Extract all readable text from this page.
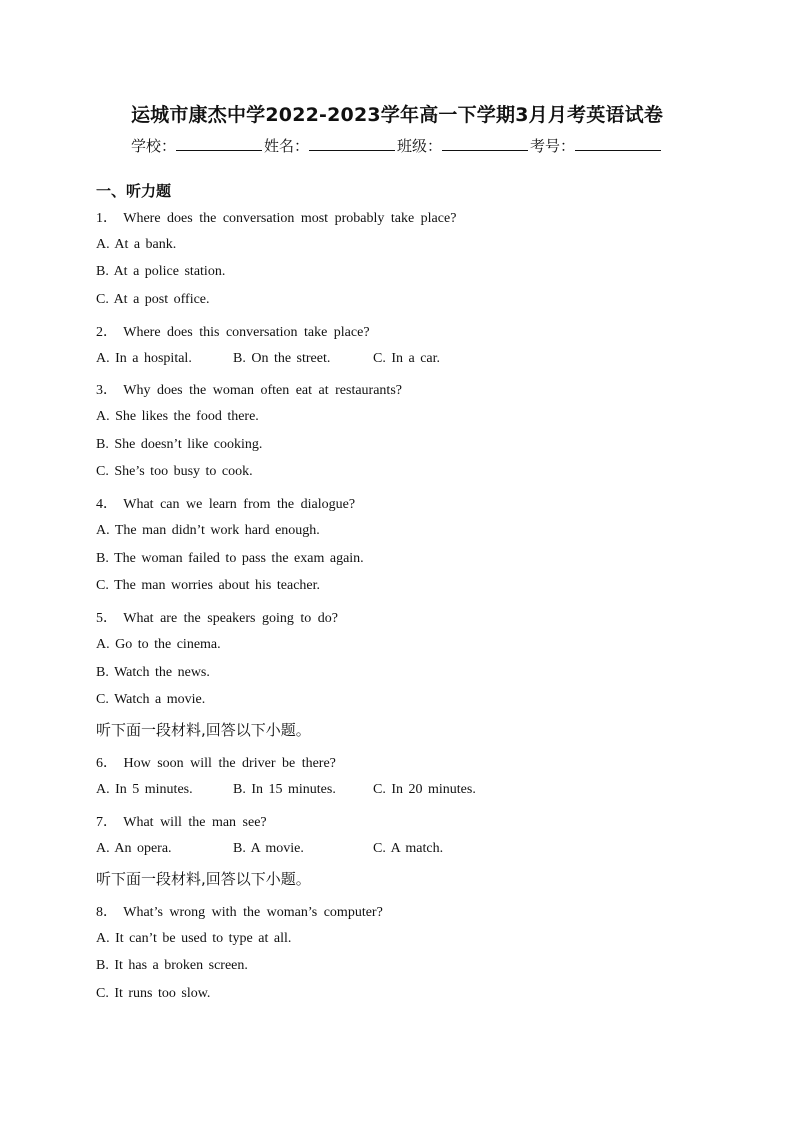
运城市康杰中学2022-2023学年高一下学期3月月考英语试卷
学校：	姓名：	班级：	考号：
一、听力题
1． Where does the conversation most probably take place?
A. At a bank.
B. At a police station.
C. At a post office.
2． Where does this conversation take place?
A. In a hospital.	B. On the street.	C. In a car.
3． Why does the woman often eat at restaurants?
A. She likes the food there.
B. She doesn’t like cooking.
C. She’s too busy to cook.
4． What can we learn from the dialogue?
A. The man didn’t work hard enough.
B. The woman failed to pass the exam again.
C. The man worries about his teacher.
5． What are the speakers going to do?
A. Go to the cinema.
B. Watch the news.
C. Watch a movie.
听下面一段材料,回答以下小题。
6． How soon will the driver be there?
A. In 5 minutes.	B. In 15 minutes.	C. In 20 minutes.
7． What will the man see?
A. An opera.	B. A movie.	C. A match.
听下面一段材料,回答以下小题。
8． What’s wrong with the woman’s computer?
A. It can’t be used to type at all.
B. It has a broken screen.
C. It runs too slow.
